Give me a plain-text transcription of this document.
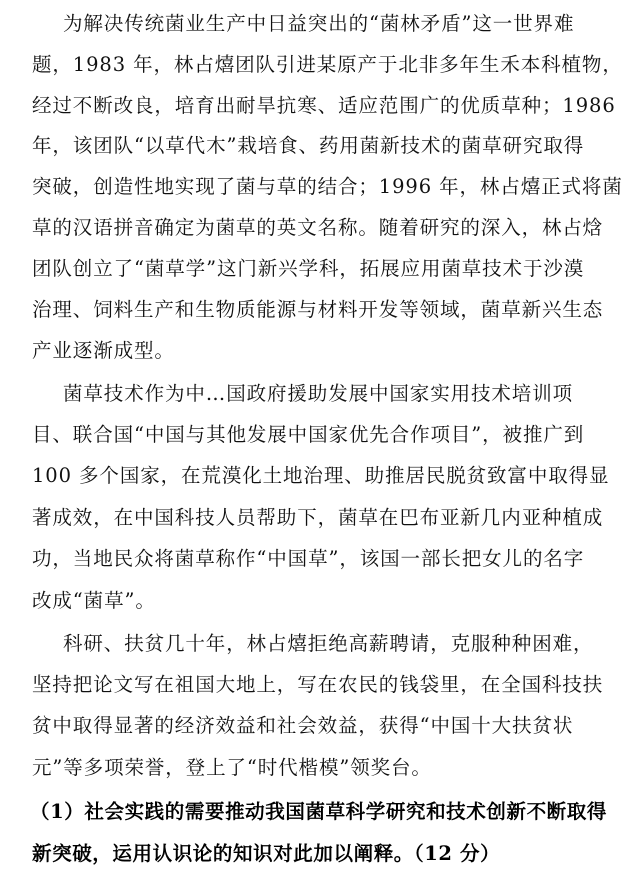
为解决传统菌业生产中日益突出的“菌林矛盾”这一世界难
题，1983 年，林占熺团队引进某原产于北非多年生禾本科植物，
经过不断改良，培育出耐旱抗寒、适应范围广的优质草种；1986
年，该团队“以草代木”栽培食、药用菌新技术的菌草研究取得
突破，创造性地实现了菌与草的结合；1996 年，林占熺正式将菌
草的汉语拼音确定为菌草的英文名称。随着研究的深入，林占焓
团队创立了“菌草学”这门新兴学科，拓展应用菌草技术于沙漠
治理、饲料生产和生物质能源与材料开发等领域，菌草新兴生态
产业逐渐成型。
菌草技术作为中…国政府援助发展中国家实用技术培训项
目、联合国“中国与其他发展中国家优先合作项目”，被推广到
100 多个国家，在荒漠化土地治理、助推居民脱贫致富中取得显
著成效，在中国科技人员帮助下，菌草在巴布亚新几内亚种植成
功，当地民众将菌草称作“中国草”，该国一部长把女儿的名字
改成“菌草”。
科研、扶贫几十年，林占熺拒绝高薪聘请，克服种种困难，
坚持把论文写在祖国大地上，写在农民的钱袋里，在全国科技扶
贫中取得显著的经济效益和社会效益，获得“中国十大扶贫状
元”等多项荣誉，登上了“时代楷模”领奖台。
（1）社会实践的需要推动我国菌草科学研究和技术创新不断取得
新突破，运用认识论的知识对此加以阐释。（12 分）
